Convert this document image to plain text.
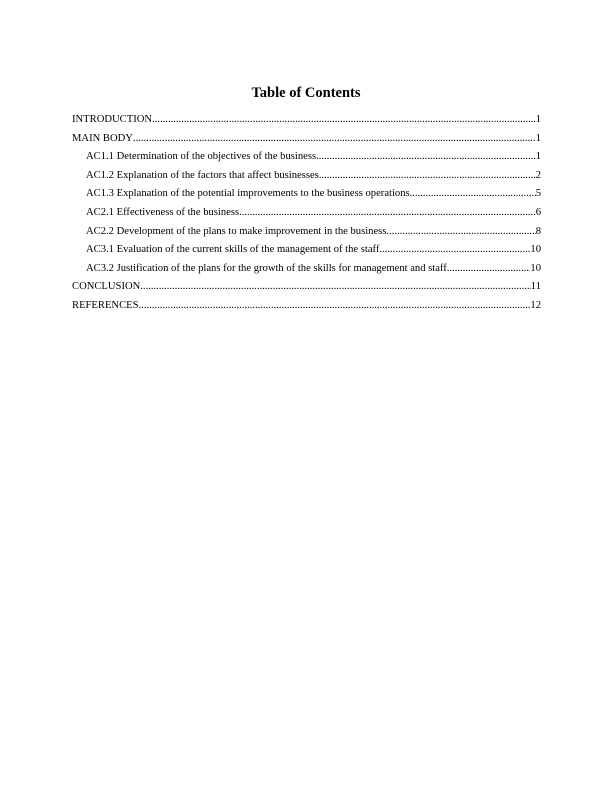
Table of Contents
INTRODUCTION .....	1
MAIN BODY .....	1
AC1.1 Determination of the objectives of the business .....	1
AC1.2 Explanation of the factors that affect businesses .....	2
AC1.3 Explanation of the potential improvements to the business operations .....	5
AC2.1 Effectiveness of the business .....	6
AC2.2 Development of the plans to make improvement in the business .....	8
AC3.1 Evaluation of the current skills of the management of the staff .....	10
AC3.2 Justification of the plans for the growth of the skills for management and staff .....	10
CONCLUSION .....	11
REFERENCES .....	12
